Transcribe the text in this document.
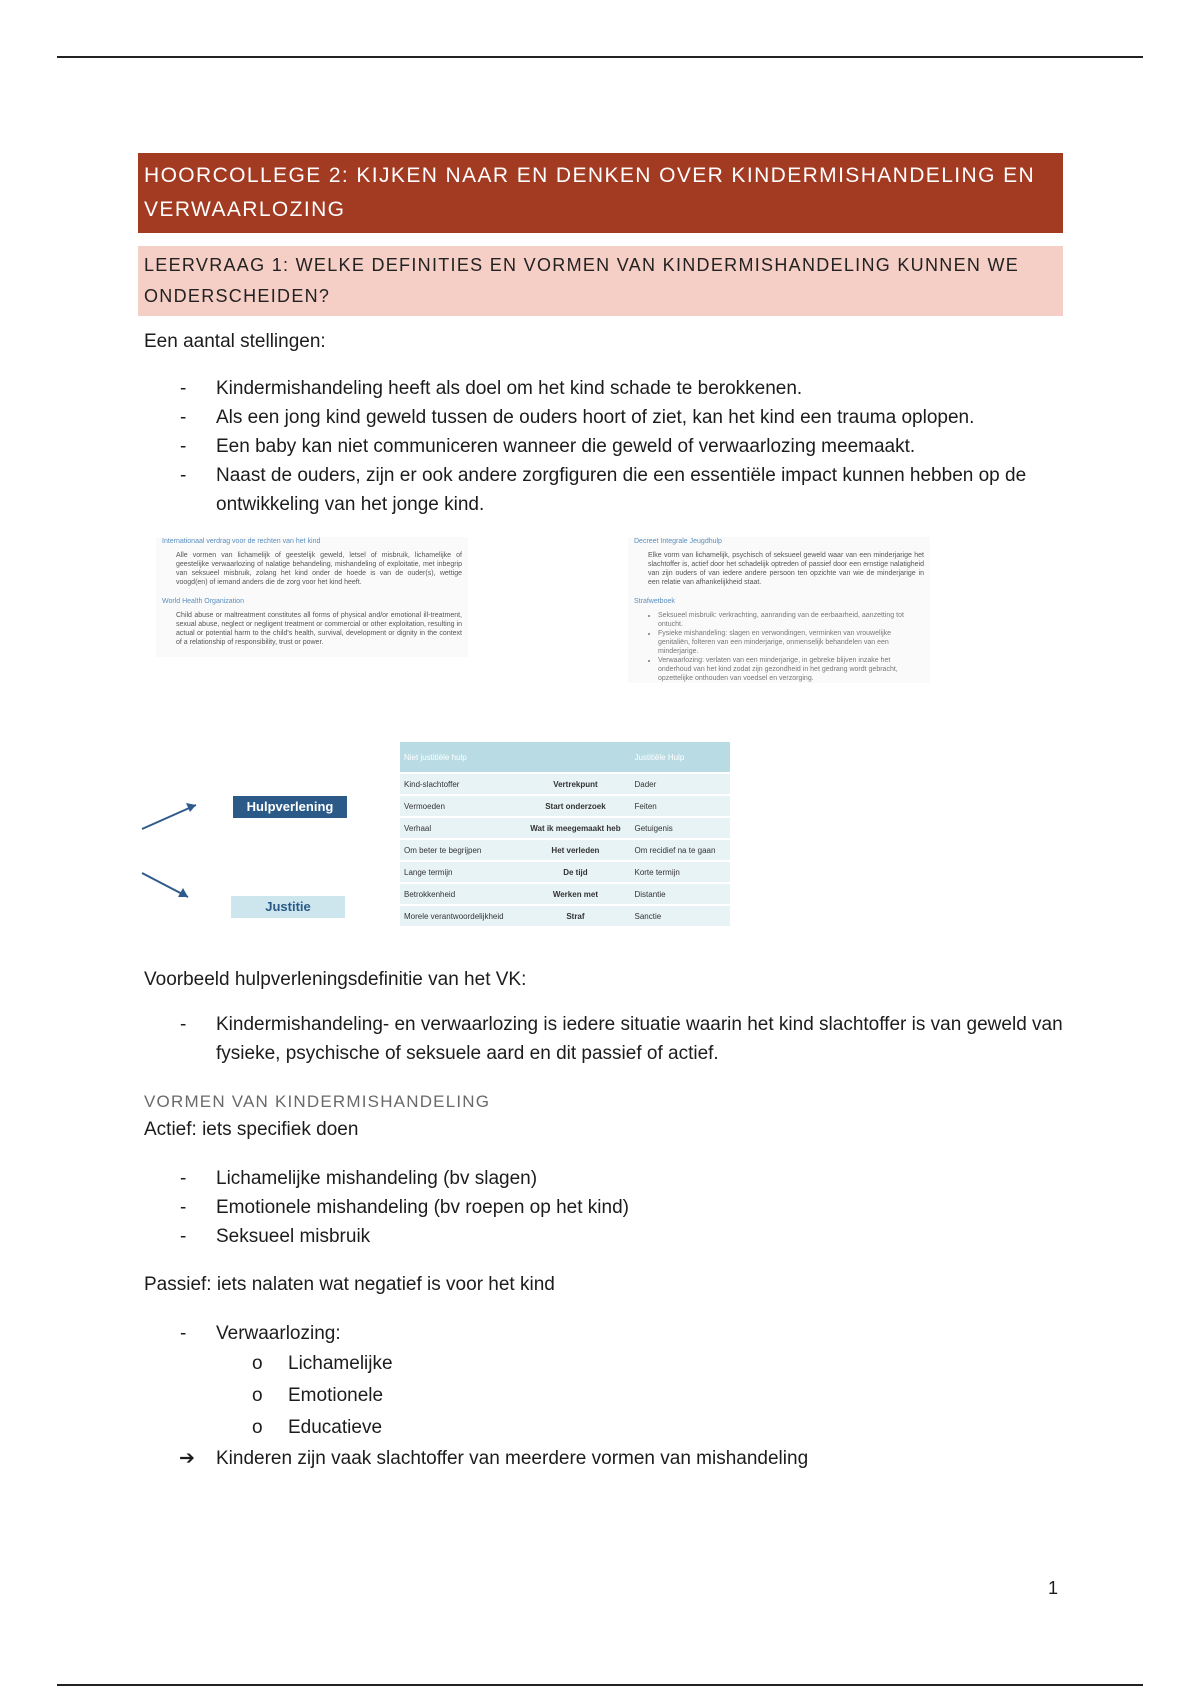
HOORCOLLEGE 2: KIJKEN NAAR EN DENKEN OVER KINDERMISHANDELING EN VERWAARLOZING
LEERVRAAG 1: WELKE DEFINITIES EN VORMEN VAN KINDERMISHANDELING KUNNEN WE ONDERSCHEIDEN?

Een aantal stellingen:

- Kindermishandeling heeft als doel om het kind schade te berokkenen.
- Als een jong kind geweld tussen de ouders hoort of ziet, kan het kind een trauma oplopen.
- Een baby kan niet communiceren wanneer die geweld of verwaarlozing meemaakt.
- Naast de ouders, zijn er ook andere zorgfiguren die een essentiële impact kunnen hebben op de ontwikkeling van het jonge kind.
Internationaal verdrag voor de rechten van het kind
Alle vormen van lichamelijk of geestelijk geweld, letsel of misbruik, lichamelijke of geestelijke verwaarlozing of nalatige behandeling, mishandeling of exploitatie, met inbegrip van seksueel misbruik, zolang het kind onder de hoede is van de ouder(s), wettige voogd(en) of iemand anders die de zorg voor het kind heeft.
World Health Organization
Child abuse or maltreatment constitutes all forms of physical and/or emotional ill-treatment, sexual abuse, neglect or negligent treatment or commercial or other exploitation, resulting in actual or potential harm to the child's health, survival, development or dignity in the context of a relationship of responsibility, trust or power.
Decreet Integrale Jeugdhulp
Elke vorm van lichamelijk, psychisch of seksueel geweld waar van een minderjarige het slachtoffer is, actief door het schadelijk optreden of passief door een ernstige nalatigheid van zijn ouders of van iedere andere persoon ten opzichte van wie de minderjarige in een relatie van afhankelijkheid staat.
Strafwetboek
• Seksueel misbruik: verkrachting, aanranding van de eerbaarheid, aanzetting tot ontucht.
• Fysieke mishandeling: slagen en verwondingen, verminken van vrouwelijke genitaliën, folteren van een minderjarige, onmenselijk behandelen van een minderjarige.
• Verwaarlozing: verlaten van een minderjarige, in gebreke blijven inzake het onderhoud van het kind zodat zijn gezondheid in het gedrang wordt gebracht, opzettelijke onthouden van voedsel en verzorging.
Hulpverlening
Justitie
Niet justitiële hulp		Justitiële Hulp
Kind-slachtoffer	Vertrekpunt	Dader
Vermoeden	Start onderzoek	Feiten
Verhaal	Wat ik meegemaakt heb	Getuigenis
Om beter te begrijpen	Het verleden	Om recidief na te gaan
Lange termijn	De tijd	Korte termijn
Betrokkenheid	Werken met	Distantie
Morele verantwoordelijkheid	Straf	Sanctie

Voorbeeld hulpverleningsdefinitie van het VK:

- Kindermishandeling- en verwaarlozing is iedere situatie waarin het kind slachtoffer is van geweld van fysieke, psychische of seksuele aard en dit passief of actief.
VORMEN VAN KINDERMISHANDELING

Actief: iets specifiek doen

- Lichamelijke mishandeling (bv slagen)
- Emotionele mishandeling (bv roepen op het kind)
- Seksueel misbruik

Passief: iets nalaten wat negatief is voor het kind

- Verwaarlozing:
o Lichamelijke
o Emotionele
o Educatieve
➔ Kinderen zijn vaak slachtoffer van meerdere vormen van mishandeling
1
